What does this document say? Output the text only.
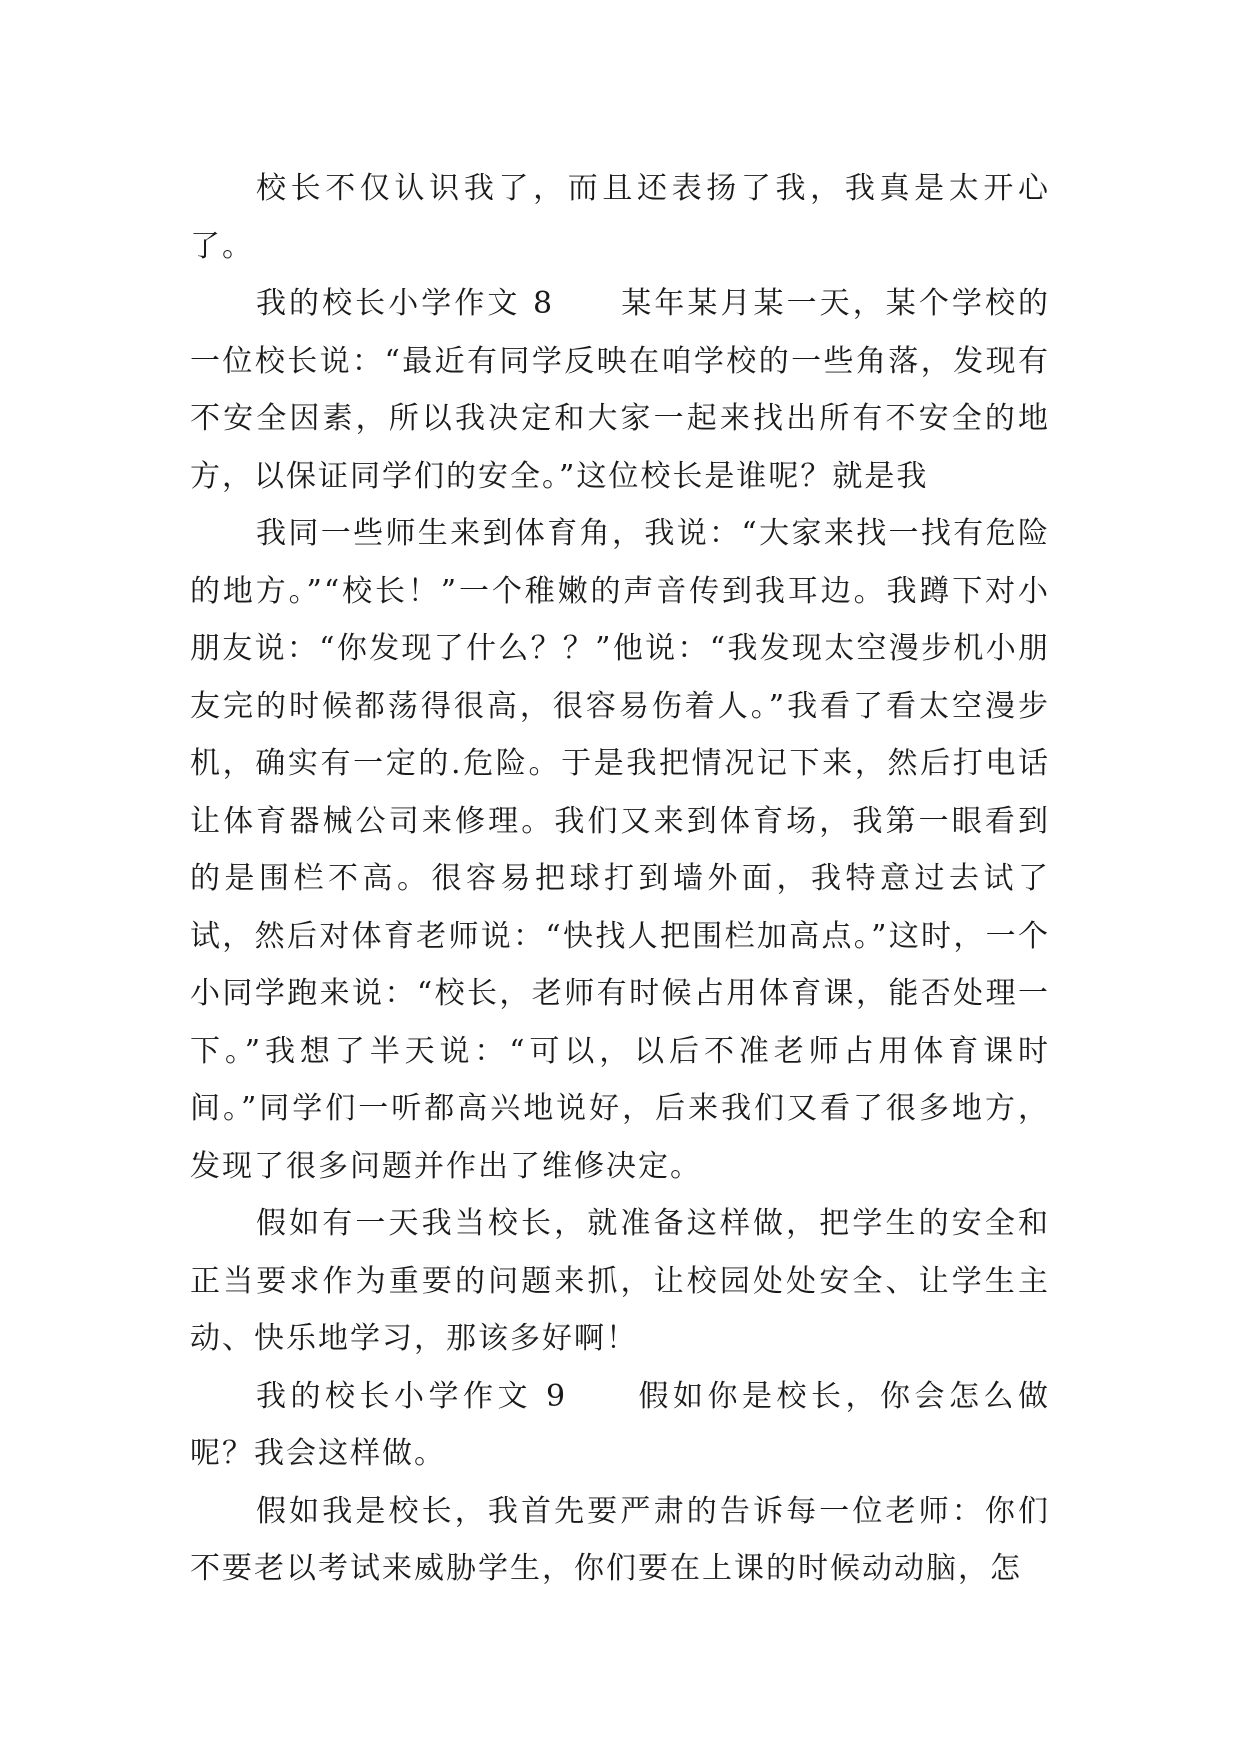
校长不仅认识我了，而且还表扬了我，我真是太开心了。

我的校长小学作文 8　　某年某月某一天，某个学校的一位校长说：“最近有同学反映在咱学校的一些角落，发现有不安全因素，所以我决定和大家一起来找出所有不安全的地方，以保证同学们的安全。”这位校长是谁呢？就是我

我同一些师生来到体育角，我说：“大家来找一找有危险的地方。”“校长！”一个稚嫩的声音传到我耳边。我蹲下对小朋友说：“你发现了什么？？”他说：“我发现太空漫步机小朋友完的时候都荡得很高，很容易伤着人。”我看了看太空漫步机，确实有一定的.危险。于是我把情况记下来，然后打电话让体育器械公司来修理。我们又来到体育场，我第一眼看到的是围栏不高。很容易把球打到墙外面，我特意过去试了试，然后对体育老师说：“快找人把围栏加高点。”这时，一个小同学跑来说：“校长，老师有时候占用体育课，能否处理一下。”我想了半天说：“可以，以后不准老师占用体育课时间。”同学们一听都高兴地说好，后来我们又看了很多地方，发现了很多问题并作出了维修决定。

假如有一天我当校长，就准备这样做，把学生的安全和正当要求作为重要的问题来抓，让校园处处安全、让学生主动、快乐地学习，那该多好啊！

我的校长小学作文 9　　假如你是校长，你会怎么做呢？我会这样做。

假如我是校长，我首先要严肃的告诉每一位老师：你们不要老以考试来威胁学生，你们要在上课的时候动动脑，怎
